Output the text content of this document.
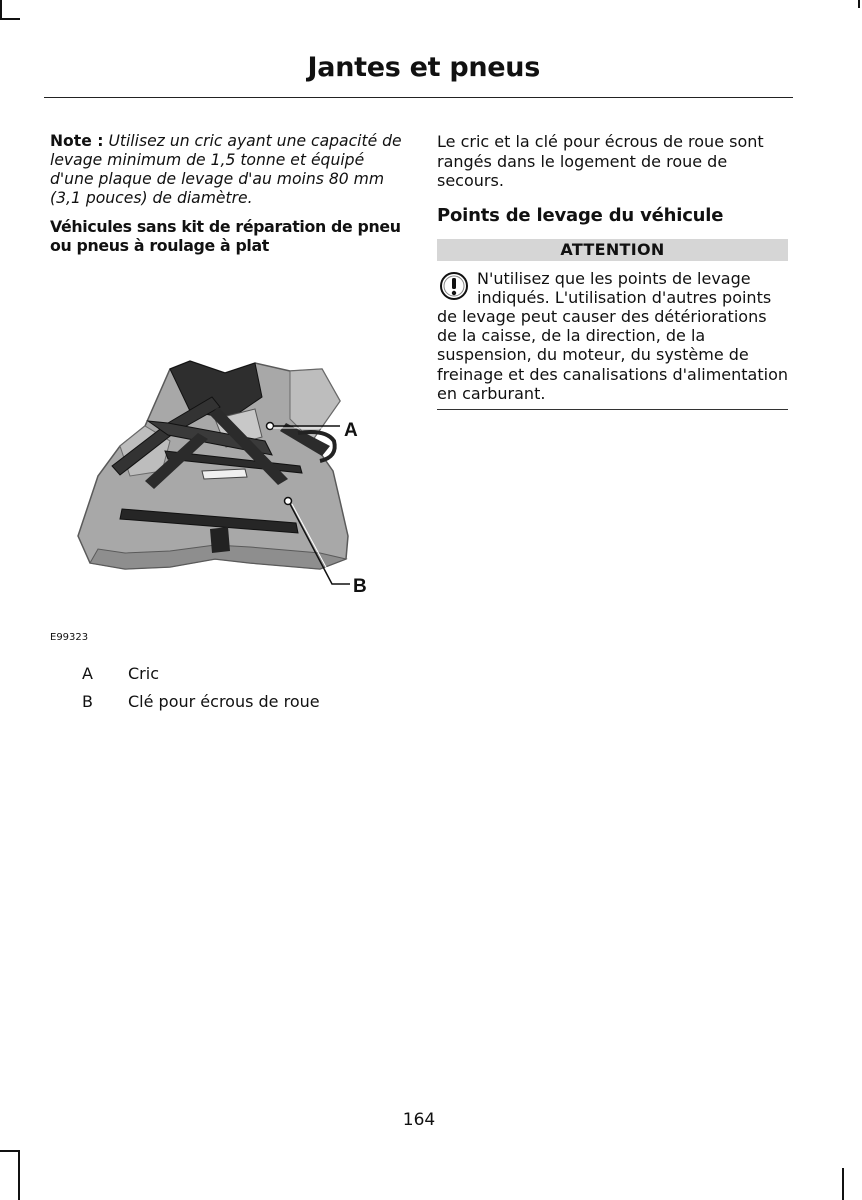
Jantes et pneus

Note : Utilisez un cric ayant une capacité de levage minimum de 1,5 tonne et équipé d'une plaque de levage d'au moins 80 mm (3,1 pouces) de diamètre.

Véhicules sans kit de réparation de pneu ou pneus à roulage à plat

A
B
E99323
A	Cric
B	Clé pour écrous de roue

Le cric et la clé pour écrous de roue sont rangés dans le logement de roue de secours.

Points de levage du véhicule

ATTENTION
N'utilisez que les points de levage indiqués. L'utilisation d'autres points de levage peut causer des détériorations de la caisse, de la direction, de la suspension, du moteur, du système de freinage et des canalisations d'alimentation en carburant.
164
